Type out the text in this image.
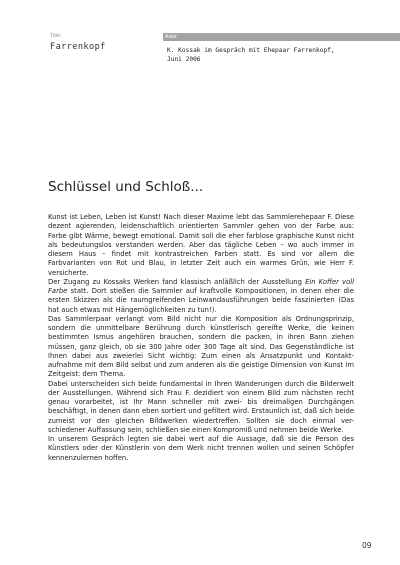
Title:
Farrenkopf
Autor
K. Kossak im Gespräch mit Ehepaar Farrenkopf,
Juni 2006
Schlüssel und Schloß...

Kunst ist Leben, Leben ist Kunst! Nach dieser Maxime lebt das Sammlerehepaar F. Diese dezent agierenden, leidenschaftlich orientierten Sammler gehen von der Farbe aus: Farbe gibt Wärme, bewegt emotional. Damit soll die eher farblose graphische Kunst nicht als bedeutungslos verstanden werden. Aber das tägliche Leben – wo auch immer in diesem Haus – findet mit kontrastreichen Farben statt. Es sind vor allem die Farbvarianten von Rot und Blau, in letzter Zeit auch ein warmes Grün, wie Herr F. versicherte.

Der Zugang zu Kossaks Werken fand klassisch anläßlich der Ausstellung Ein Koffer voll Farbe statt. Dort stießen die Sammler auf kraftvolle Kompositionen, in denen eher die ersten Skizzen als die raumgreifenden Leinwandausführungen beide faszinierten (Das hat auch etwas mit Hängemöglichkeiten zu tun!).

Das Sammlerpaar verlangt vom Bild nicht nur die Komposition als Ordnungsprinzip, sondern die unmittelbare Berührung durch künstlerisch gereifte Werke, die keinen bestimmten Ismus angehören brauchen, sondern die packen, in ihren Bann ziehen müssen, ganz gleich, ob sie 300 Jahre oder 300 Tage alt sind. Das Gegenständliche ist Ihnen dabei aus zweierlei Sicht wichtig: Zum einen als Ansatzpunkt und Kontakt-aufnahme mit dem Bild selbst und zum anderen als die geistige Dimension von Kunst im Zeitgeist: dem Thema.

Dabei unterscheiden sich beide fundamental in Ihren Wanderungen durch die Bilderwelt der Ausstellungen. Während sich Frau F. dezidiert von einem Bild zum nächsten recht genau vorarbeitet, ist Ihr Mann schneller mit zwei- bis dreimaligen Durchgängen beschäftigt, in denen dann eben sortiert und gefiltert wird. Erstaunlich ist, daß sich beide zumeist vor den gleichen Bildwerken wiedertreffen. Sollten sie doch einmal ver-schiedener Auffassung sein, schließen sie einen Kompromiß und nehmen beide Werke.

In unserem Gespräch legten sie dabei wert auf die Aussage, daß sie die Person des Künstlers oder der Künstlerin von dem Werk nicht trennen wollen und seinen Schöpfer kennenzulernen hoffen.

09
